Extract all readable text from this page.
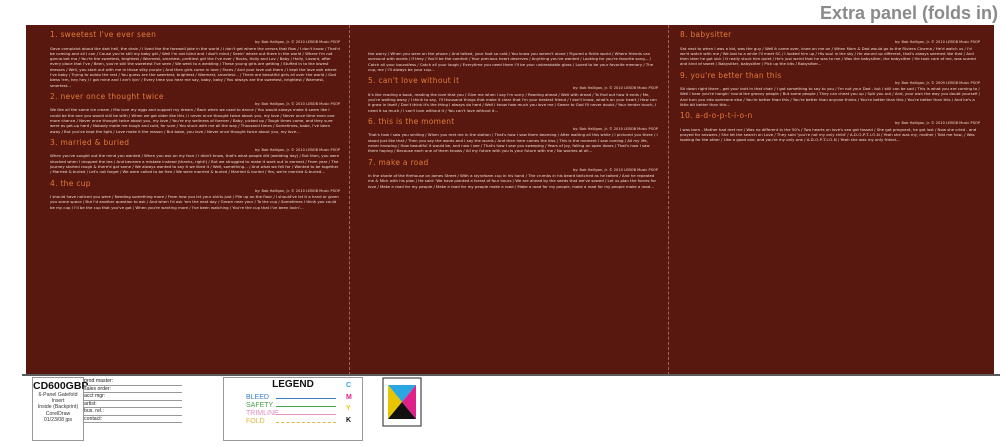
Extra panel (folds in)
1. sweetest I've ever seen
by: Bob Halligan, Jr. © 2010 LEBOB Music PSOP

Gave complaint about the dart hell, the drain / I lived the the farewell joke in the world / I don't get where the verses that flow / I don't know / That'd be coming and all I can / Cause you're still my baby girl / Well I'm not blind and I don't mind / Seein' where out there in the world / Where I'm not gonna bet ma / You're the sweetest, brightest / Warmest, smartest, prettiest girl the I've ever / Rocks, Holly and Lov / Baby / Holly, Lizzard, after every place that I've / Been, you're still the sweetest I've seen / We went to a wedding / These young girls are getting / Stuffed in to the lowest dresses / Well, you start out with me in those silky purple / And then girls come in love / Faces / And your love out there / I kept the love ooh where I've baby / Trying to outdo the rest / You guess are the sweetest, brightest / Warmest, smartest... / There are beautiful girls all over the world / God bless 'em, hey hey / I got mine and I ain't lyin' / Every time you hear me say, baby, baby / You always are the sweetest, brightest / Warmest, smartest...

2. never once thought twice
by: Bob Halligan, Jr. © 2010 LEBOB Music PSOP

We like all the same ice cream / Mix love my eggs and support my dream / Back when we used to dance / You would always make it seem like I could be the one you would still be with / When we got older like this / I never once thought twice about you, my love / Never once time even one more chance / Never once thought twice about you, my love / You're my wellness of forever / Baby, picked up / Tough times come, and they sure were as get-up hard / Nobody made me tough and cold, for sure / You stuck with me all the way / Thousand times / Sometimes, babe, I've been away / But you've kept the light / Love make it the reason / But babe, you love / Never once thought twice about you, my love...

3. married & buried
by: Bob Halligan, Jr. © 2010 LEBOB Music PSOP

When you've sought out the mind you wanted / When you ask on my face / I didn't know, that's what people did (wedding day) / But then, you were shocked when I dropped the tea / And became a mistake instead (thanks, right!) / But we struggled to make it work out in earnest / From year / The journey started rough & there'd got some / We always wanted to say it we liked it / Well, something... / And what we fell for / Wanted to be together / Married & buried / Let's not forget / We were called to be free / We were married & buried / Married & buried / Yes, we're married & buried...

4. the cup
by: Bob Halligan, Jr. © 2010 LEBOB Music PSOP

I should have noticed you were / Needing something more / From how you let your shirts just / Pile up on the floor / I should've let it a hand or given you some space / But I'd another question to ask / And when I'd ask 'em the next day / Grown near your / To the cup / Sometimes I think you could be my cup / I'll be the cup that you've got / When you're wanting more / I've been watching / You're the cup that I've been lovin'...

the worry / When you were on the phone / And talked, your foot so cold / You know you weren't alone / Figured a fickle world / Where friends can surround with words / If they / You'll be the comfort / Your precious heart deserves / Anything you've wanted / Looking for you're favorite song... / Catch all your boundless / Catch all your laugh / Everytime you need them I'll be your unbreakable glass / Loved to be your favorite memory / The cup, me / I'll always be your cup...

5. can't love without it
by: Bob Halligan, Jr. © 2010 LEBOB Music PSOP

It's like reading a book, reading the love that you / Give me when I say I'm sorry / Reading ahead / Well with dread / To find out how it ends / Me, you're waiting away / I think to say, I'll thousand things that make it clear that I'm your bestest friend / I don't know, what's on your heart / How can it grow in itself / Don't think it's the thing I always do hard / Well I know how much you love me / Swear to God I'll never doubt / Your tender touch, I need it so much / I can't love without it / You can't love without it...

6. this is the moment
by: Bob Halligan, Jr. © 2010 LEBOB Music PSOP

That's how I saw you smiling / When you met me in the station / That's how I saw them beaming / After waiting all this while / I pictured you there / I stood just like that / Then you say the words and I say the words / And then here comes the kiss / This is the moment I saw coming / All my life, never knowing / How beautiful it would be, and now I see / That's how I saw you sweeping / Years of joy, falling on open doors / That's how I saw them hoping / Because each one of them knows / All my future with you is your future with me / No worries at all...

7. make a road
by: Bob Halligan, Jr. © 2010 LEBOB Music PSOP

In the shade of the firehouse on James Street / With a styrofoam cup in his hand / The crumbs in his beard twitched as he talked / And he repeated me & Mick with his plan / He said: 'We have planted a forest of four hours / We are ahead by the seeds that we've sowed / Let us plan the forces for love / Make a road for my people / Make a road for my people make a road / Make a road for my people, make a road for my people make a road...

8. babysitter
by: Bob Halligan, Jr. © 2010 LEBOB Music PSOP

Sat next to when I was a kid, was the guy / Well it came over, knee on me on / When Mom & Dad would go to the Riviera Cinema / He'd watch us / I'd we'd watch with me / We lost to a while I'll meet SC / I looked him up / His soul in the sky / He wound up different, that's always seemed like that / And then later he got sick / It really stuck him quiet / He's just weird that he was to me / Was the babysitter, the babysitter / He took care of me, was scared and kind of sweet / Babysitter, babysitter / Pick up the bits / Babysitter...

9. you're better than this
by: Bob Halligan, Jr. © 2009 LEBOB Music PSOP

Sit down right there - get your butt in that chair / I got something to say to you / I'm not your Dad - but I still can be sad / This is what you are coming to / Well I hear you're hangin' round the groovy people / But some people / They can cheat you up / Spit you out / And, your own the way you doubt yourself / And turn you into someone else / You're better than this / You're better than anyone thinks / You're better than this / You're better than this / And he's a little bit better than this...

10. a-d-o-p-t-i-o-n
by: Bob Halligan, Jr. © 2010 LEBOB Music PSOP

I was born - Mother had met me / Was no different in the 50's / Two hearts on love's sea got tossed / She got pregnant, he got lost / Now she cried - and prayed for answers / She let the search on Love / They said 'you're not my only child' / A-D-O-P-T-I-O-N / Yeah she was my, mother / Told me how, / Was looking for the other / Like a good one, and you're my only one / A-D-O-P-T-I-O-N / Yeah she was my only friend...

CD600GBP
6-Panel Gatefold Insert
Inside (Backprint)
CorelDraw
01/23/08 jps
prod master:
sales order:
acct mgr:
artist:
bus. rel.:
contact:
LEGEND
BLEED
SAFETY
TRIMLINE
FOLD
C
M
Y
K
